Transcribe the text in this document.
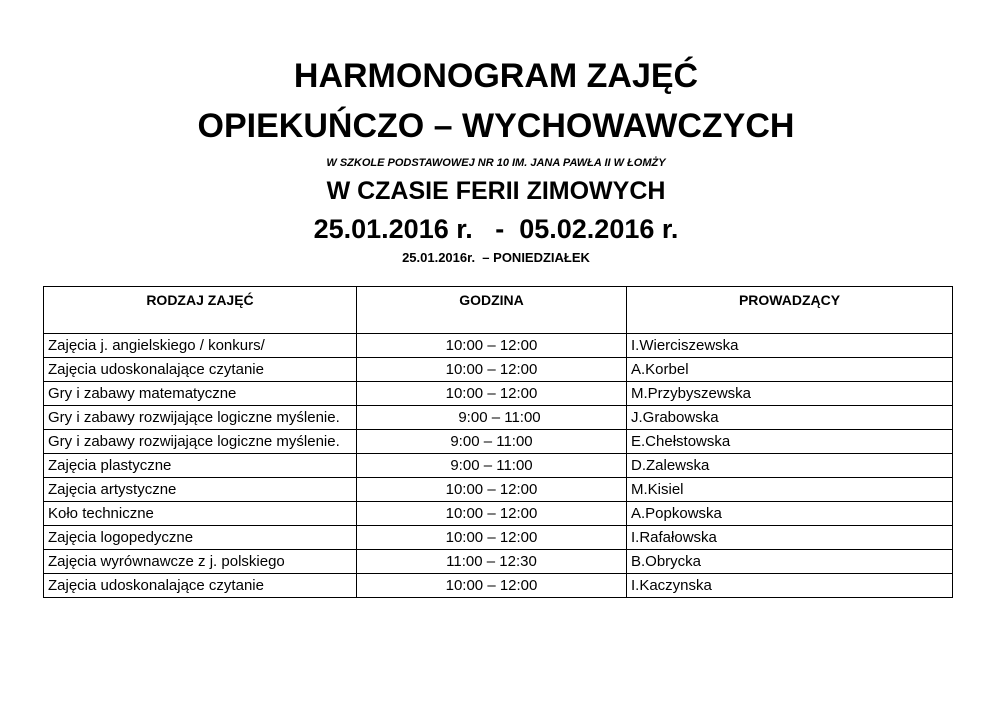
HARMONOGRAM ZAJĘĆ
OPIEKUŃCZO – WYCHOWAWCZYCH
W SZKOLE PODSTAWOWEJ NR 10 IM. JANA PAWŁA II W ŁOMŻY
W CZASIE FERII ZIMOWYCH
25.01.2016 r.   -  05.02.2016 r.
25.01.2016r.  – PONIEDZIAŁEK
RODZAJ ZAJĘĆ	GODZINA	PROWADZĄCY
Zajęcia j. angielskiego / konkurs/	10:00 – 12:00	I.Wierciszewska
Zajęcia udoskonalające czytanie	10:00 – 12:00	A.Korbel
Gry i zabawy matematyczne	10:00 – 12:00	M.Przybyszewska
Gry i zabawy rozwijające logiczne myślenie.	9:00 – 11:00	J.Grabowska
Gry i zabawy rozwijające logiczne myślenie.	9:00 – 11:00	E.Chełstowska
Zajęcia plastyczne	9:00 – 11:00	D.Zalewska
Zajęcia artystyczne	10:00 – 12:00	M.Kisiel
Koło techniczne	10:00 – 12:00	A.Popkowska
Zajęcia logopedyczne	10:00 – 12:00	I.Rafałowska
Zajęcia wyrównawcze z j. polskiego	11:00 – 12:30	B.Obrycka
Zajęcia udoskonalające czytanie	10:00 – 12:00	I.Kaczynska
